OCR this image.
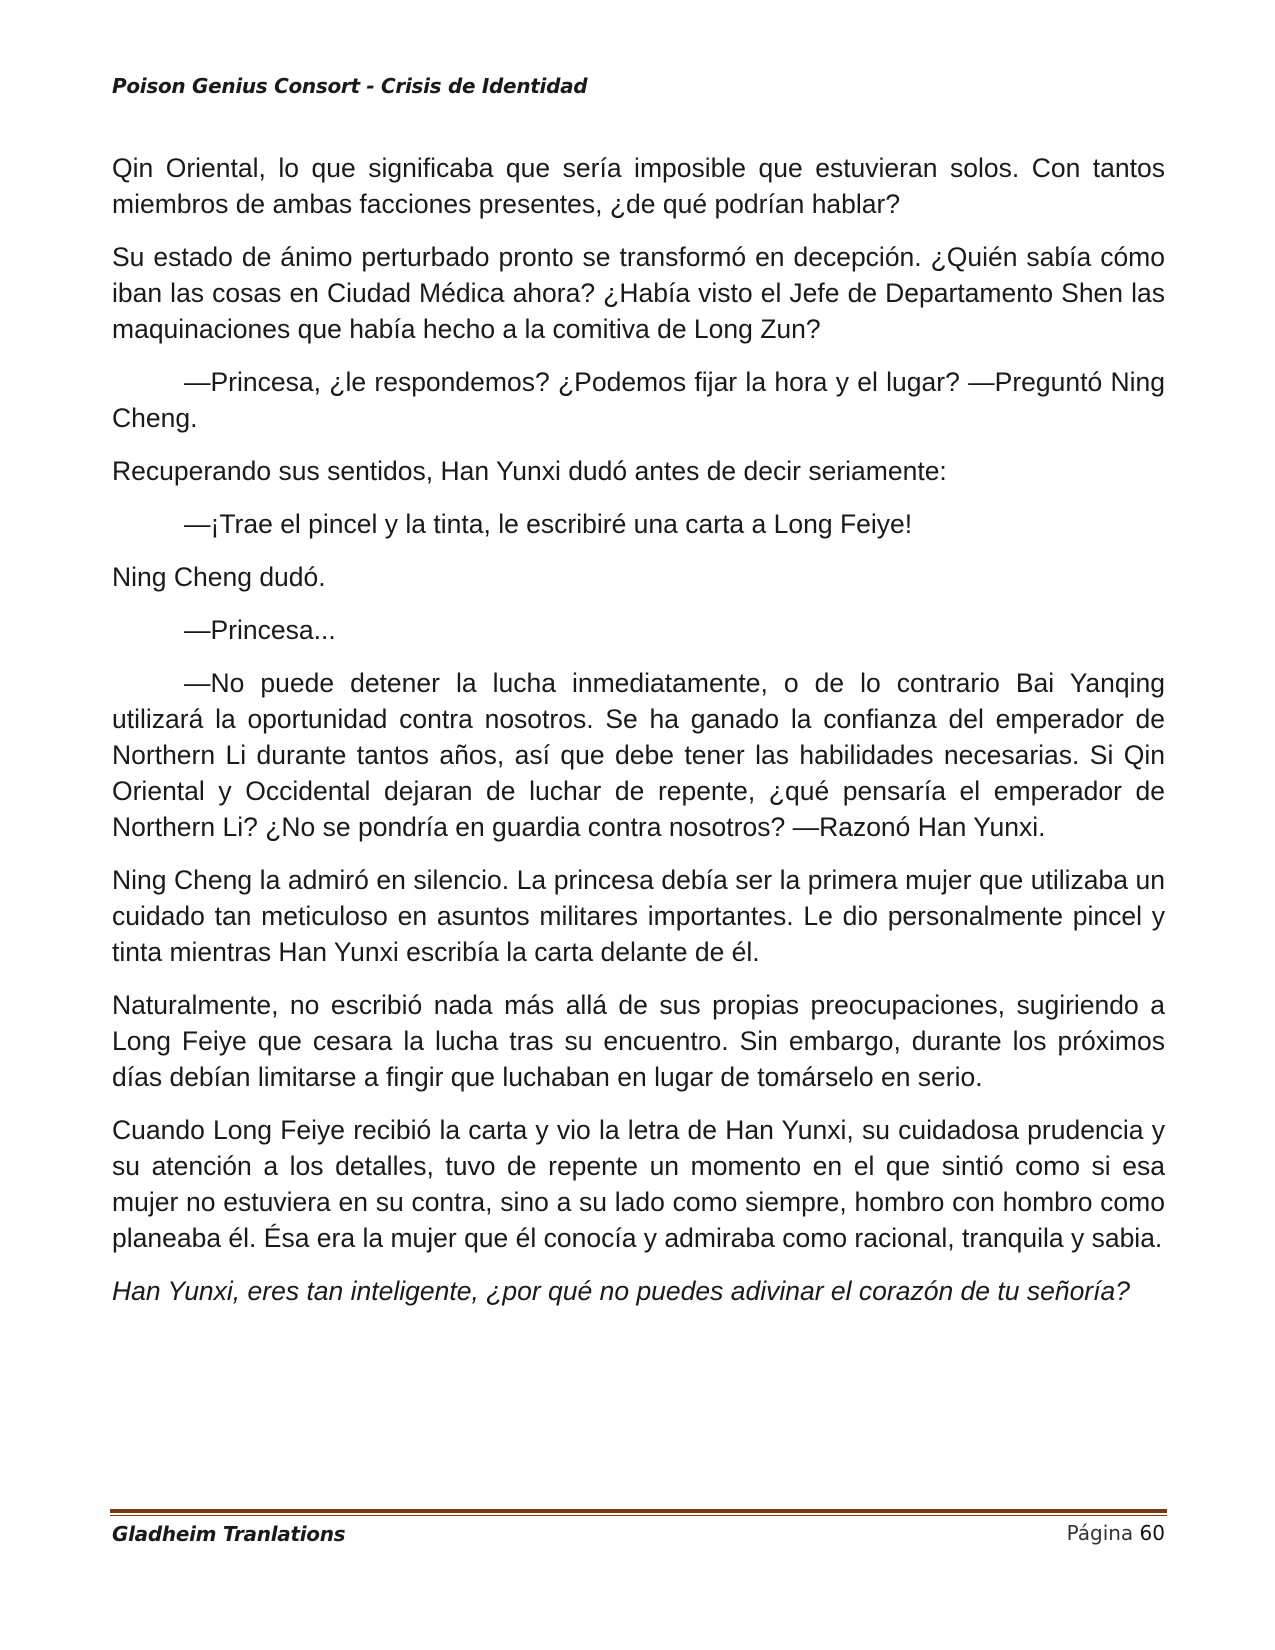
Poison Genius Consort - Crisis de Identidad

Qin Oriental, lo que significaba que sería imposible que estuvieran solos. Con tantos miembros de ambas facciones presentes, ¿de qué podrían hablar?

Su estado de ánimo perturbado pronto se transformó en decepción. ¿Quién sabía cómo iban las cosas en Ciudad Médica ahora? ¿Había visto el Jefe de Departamento Shen las maquinaciones que había hecho a la comitiva de Long Zun?

—Princesa, ¿le respondemos? ¿Podemos fijar la hora y el lugar? —Preguntó Ning Cheng.

Recuperando sus sentidos, Han Yunxi dudó antes de decir seriamente:

—¡Trae el pincel y la tinta, le escribiré una carta a Long Feiye!

Ning Cheng dudó.

—Princesa...

—No puede detener la lucha inmediatamente, o de lo contrario Bai Yanqing utilizará la oportunidad contra nosotros. Se ha ganado la confianza del emperador de Northern Li durante tantos años, así que debe tener las habilidades necesarias. Si Qin Oriental y Occidental dejaran de luchar de repente, ¿qué pensaría el emperador de Northern Li? ¿No se pondría en guardia contra nosotros? —Razonó Han Yunxi.

Ning Cheng la admiró en silencio. La princesa debía ser la primera mujer que utilizaba un cuidado tan meticuloso en asuntos militares importantes. Le dio personalmente pincel y tinta mientras Han Yunxi escribía la carta delante de él.

Naturalmente, no escribió nada más allá de sus propias preocupaciones, sugiriendo a Long Feiye que cesara la lucha tras su encuentro. Sin embargo, durante los próximos días debían limitarse a fingir que luchaban en lugar de tomárselo en serio.

Cuando Long Feiye recibió la carta y vio la letra de Han Yunxi, su cuidadosa prudencia y su atención a los detalles, tuvo de repente un momento en el que sintió como si esa mujer no estuviera en su contra, sino a su lado como siempre, hombro con hombro como planeaba él. Ésa era la mujer que él conocía y admiraba como racional, tranquila y sabia.

Han Yunxi, eres tan inteligente, ¿por qué no puedes adivinar el corazón de tu señoría?

Gladheim Tranlations	Página 60
